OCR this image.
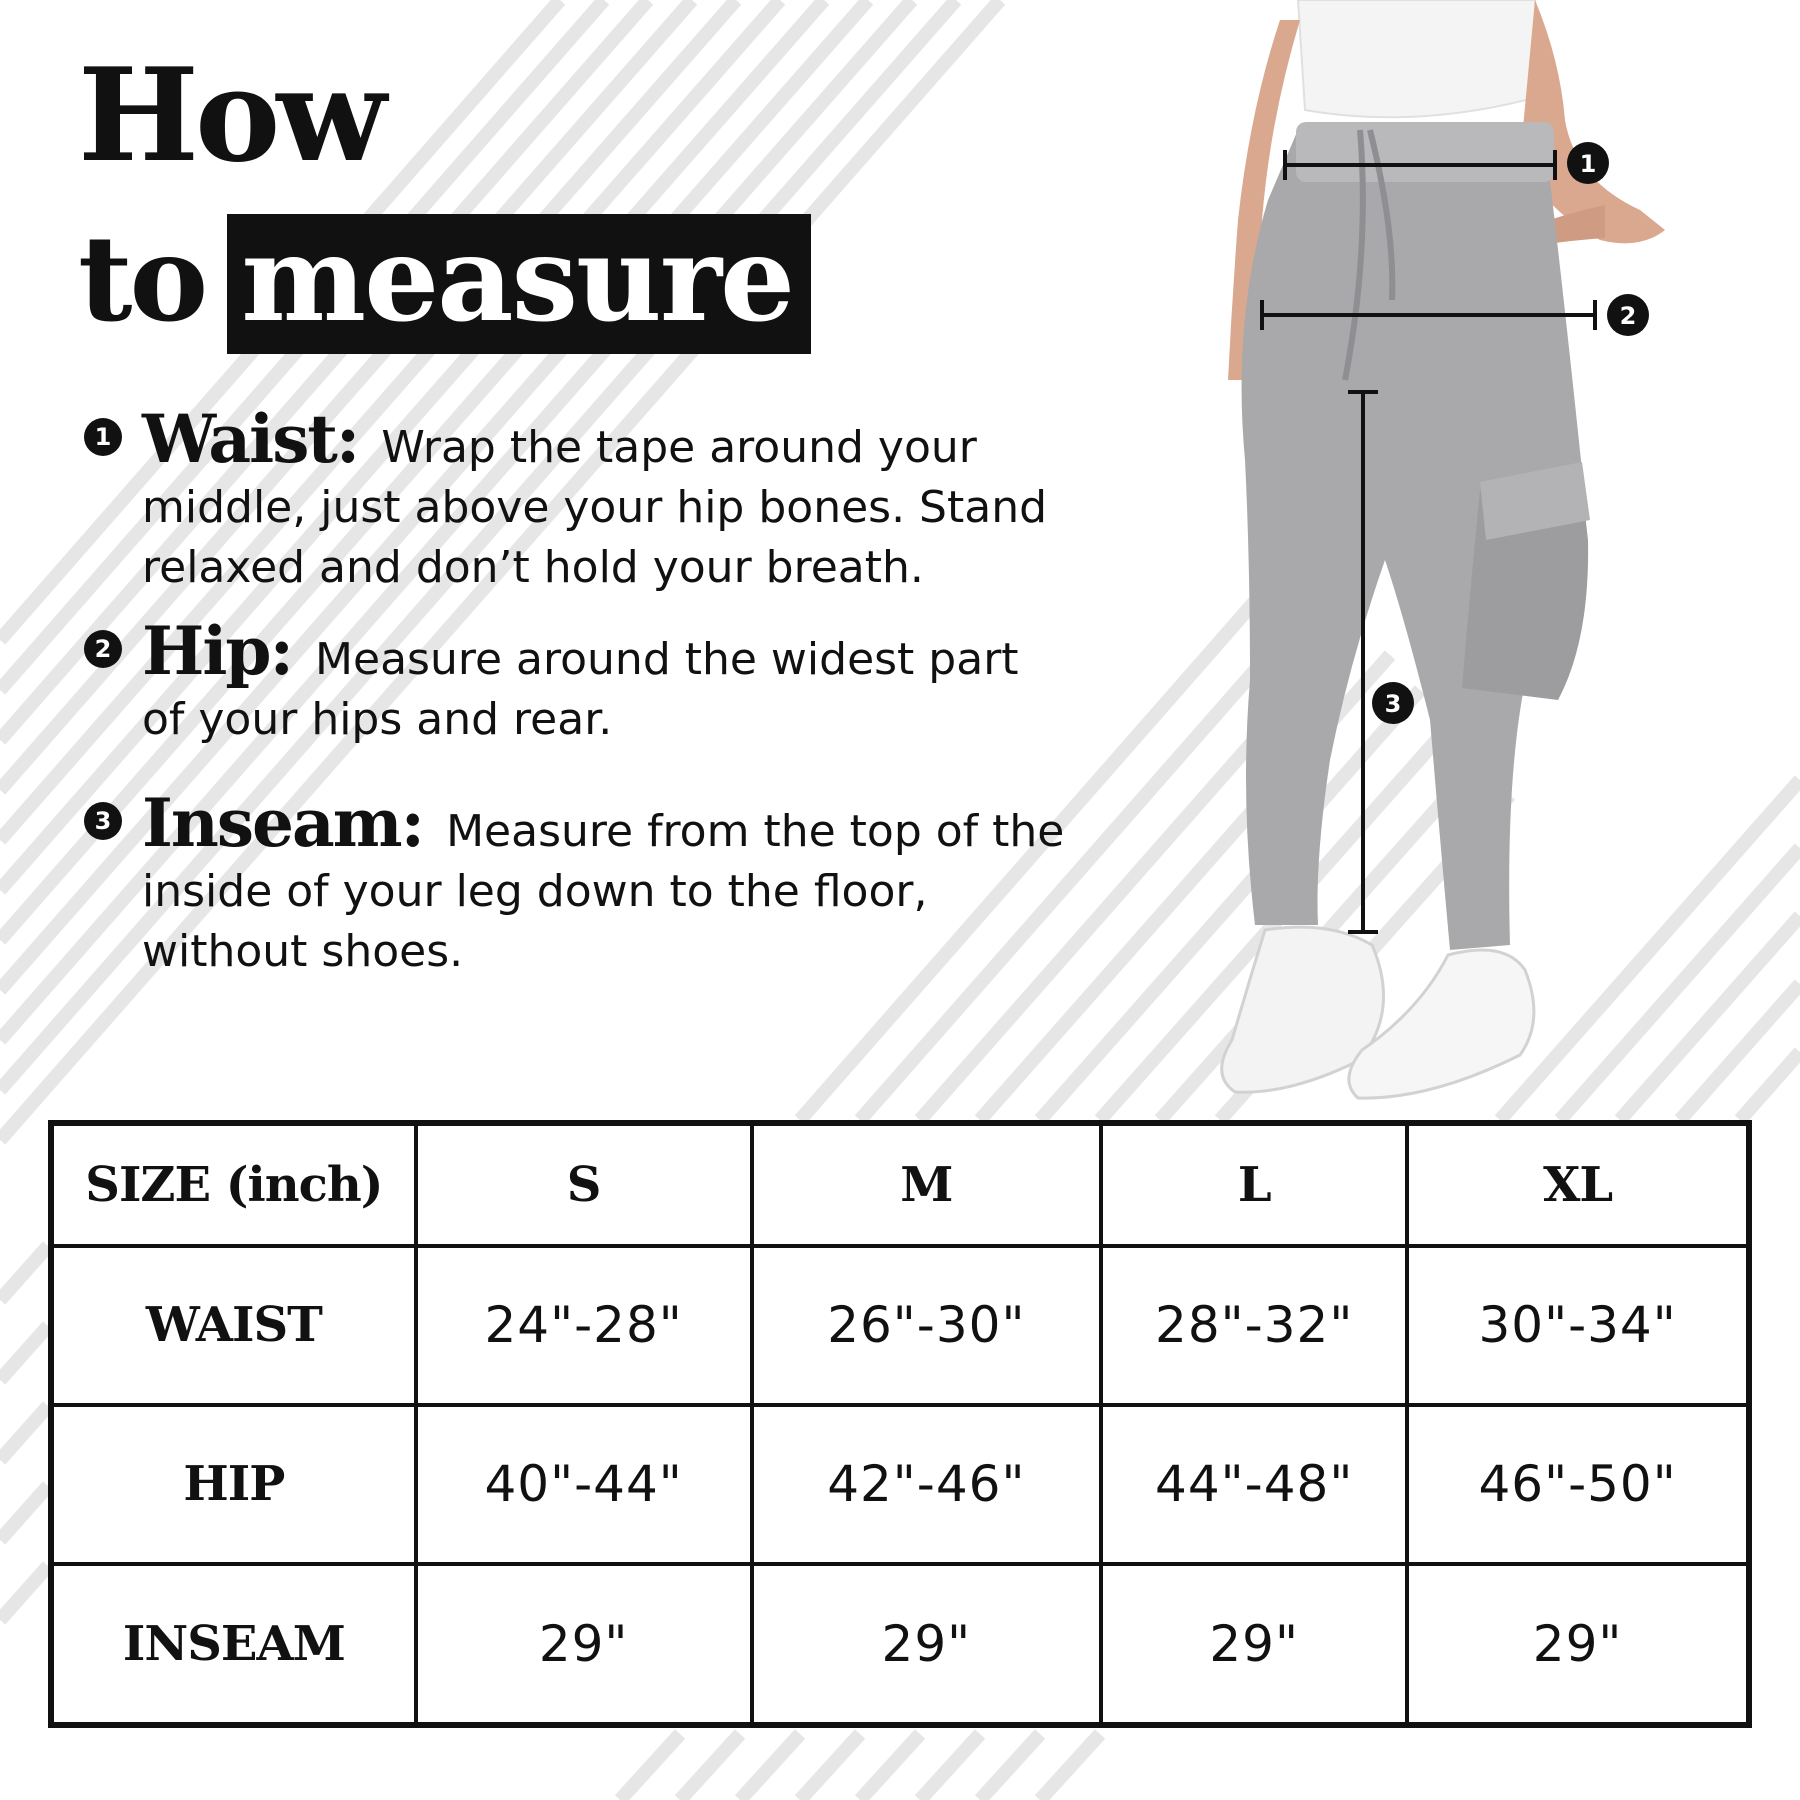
How
to measure
1 Waist: Wrap the tape around your

middle, just above your hip bones. Stand

relaxed and don’t hold your breath.

2 Hip: Measure around the widest part

of your hips and rear.

3 Inseam: Measure from the top of the

inside of your leg down to the floor,

without shoes.

1
2
3
SIZE (inch)	S	M	L	XL
WAIST	24"-28"	26"-30"	28"-32"	30"-34"
HIP	40"-44"	42"-46"	44"-48"	46"-50"
INSEAM	29"	29"	29"	29"
